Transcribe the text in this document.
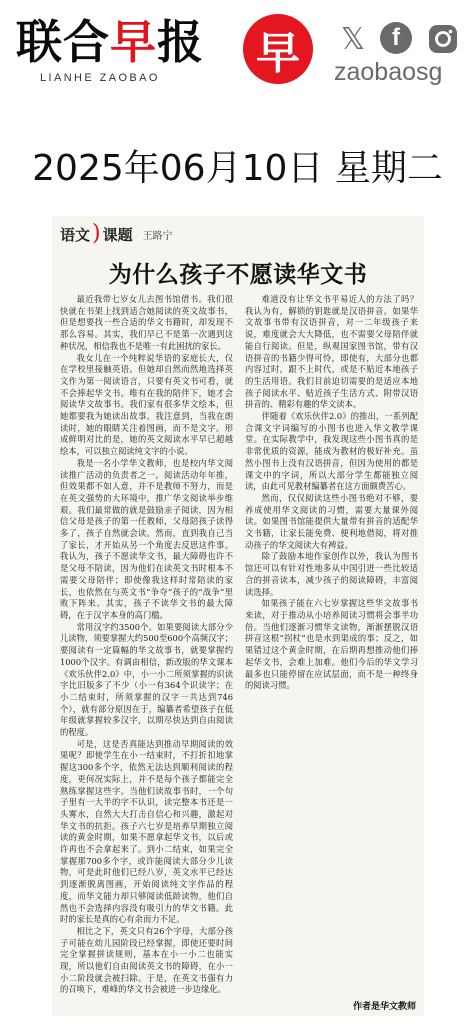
联合早报
LIANHE ZAOBAO 早	𝕏	f
zaobaosg
2025年06月10日 星期二
语文 ) 课题 王路宁
为什么孩子不愿读华文书

最近我带七岁女儿去图书馆借书。我们很快就在书架上找到适合她阅读的英文故事书，但是想要找一些合适的华文书籍时，却发现不那么容易。其实，我们早已不是第一次遇到这种状况，相信我也不是唯一有此困扰的家长。

我女儿在一个纯粹说华语的家庭长大，仅在学校里接触英语。但她却自然而然地选择英文作为第一阅读语言，只要有英文书可看，就不会捧起华文书。唯有在我的陪伴下，她才会阅读华文故事书。我们家有很多华文绘本，但她都要我为她读出故事。我注意到，当我在朗读时，她的眼睛关注着图画，而不是文字。形成鲜明对比的是，她的英文阅读水平早已超越绘本，可以独立阅读纯文字的小说。

我是一名小学华文教师，也是校内华文阅读推广活动的负责者之一。阅读活动年年推，但效果都不如人意，并不是教师不努力，而是在英文强势的大环境中，推广华文阅读举步维艰。我们最常做的就是鼓励亲子阅读，因为相信父母是孩子的第一任教师，父母陪孩子读得多了，孩子自然就会读。然而，直到我自己当了家长，才开始从另一个角度去反思这件事。我认为，孩子不愿读华文书，最大障碍也许不是父母不陪读，因为他们在读英文书时根本不需要父母陪伴；即使像我这样时常陪读的家长，也依然在与英文书“争夺”孩子的“战争”里败下阵来。其实，孩子不读华文书的最大障碍，在于汉字本身的高门槛。

常用汉字约3500个。如果要阅读大部分少儿读物，须要掌握大约500至600个高频汉字；要阅读有一定篇幅的华文故事书，就要掌握约1000个汉字。有调由相信，新改版的华文课本《欢乐伙伴2.0》中，小一小二所须掌握的识读字比旧版多了不少（小一有364个识读字；在小二结束时，所须掌握的汉字一共达到746个），就有部分原因在于，编纂者希望孩子在低年级就掌握较多汉字，以期尽快达到自由阅读的程度。

可是，这是否真能达到推动早期阅读的效果呢？即使学生在小一结束时，不打折扣地掌握这300多个字，依然无法达到顺利阅读的程度，更何况实际上，并不是每个孩子都能完全熟练掌握这些字。当他们读故事书时，一个句子里有一大半的字不认识，读完整本书还是一头雾水，自然大大打击自信心和兴趣，激起对华文书的抗拒。孩子六七岁是培养早期独立阅读的黄金时期，如果不愿拿起华文书，以后或许再也不会拿起来了。到小二结束，如果完全掌握那700多个字，或许能阅读大部分少儿读物，可是此时他们已经八岁，英文水平已经达到逐渐脱离图画，开始阅读纯文字作品的程度，而华文能力却只够阅读低龄读物，他们自然也不会选择内容没有吸引力的华文书籍。此时的家长是真的心有余而力不足。

相比之下，英文只有26个字母，大部分孩子可能在幼儿园阶段已经掌握，即使还要时间完全掌握拼读规则，基本在小一小二也能实现，所以他们自由阅读英文书的障碍，在小一小二阶段就会被扫除。于是，在英文书强有力的召唤下，难峰的华文书会被进一步边缘化。

难道没有让华文书平易近人的方法了吗？我认为有，解锁的钥匙就是汉语拼音。如果华文故事书带有汉语拼音，对一二年级孩子来说，难度就会大大降低，也不需要父母陪伴就能自行阅读。但是，纵观国家图书馆，带有汉语拼音的书籍少得可怜，即使有，大部分也都内容过时，跟不上时代，或是不贴近本地孩子的生活用语。我们目前迫切需要的是适应本地孩子阅读水平、贴近孩子生活方式、附带汉语拼音的、精彩有趣的华文读本。

伴随着《欢乐伙伴2.0》的推出，一系列配合课文字词编写的小图书也进入华文教学课堂。在实际教学中，我发现这些小图书真的是非常优质的资源，能成为教材的极好补充。虽然小图书上没有汉语拼音，但因为使用的都是课文中的字词，所以大部分学生都能独立阅读，由此可见教材编纂者在这方面颇费苦心。

然而，仅仅阅读这些小图书绝对不够，要养成使用华文阅读的习惯，需要大量课外阅读。如果图书馆能提供大量带有拼音的适配华文书籍，让家长能免费、便利地借阅，将对推动孩子的华文阅读大有裨益。

除了鼓励本地作家创作以外，我认为图书馆还可以有针对性地多从中国引进一些比较适合的拼音读本，减少孩子的阅读障碍，丰富阅读选择。

如果孩子能在六七岁掌握这些华文故事书来读，对于推动从小培养阅读习惯将会事半功倍。当他们逐渐习惯华文读物，渐渐摆脱汉语拼音这根“拐杖”也是水到渠成的事；反之，如果错过这个黄金时期，在后期再想推动他们捧起华文书，会难上加难。他们今后的华文学习最多也只能停留在应试层面，而不是一种终身的阅读习惯。

作者是华文教师
